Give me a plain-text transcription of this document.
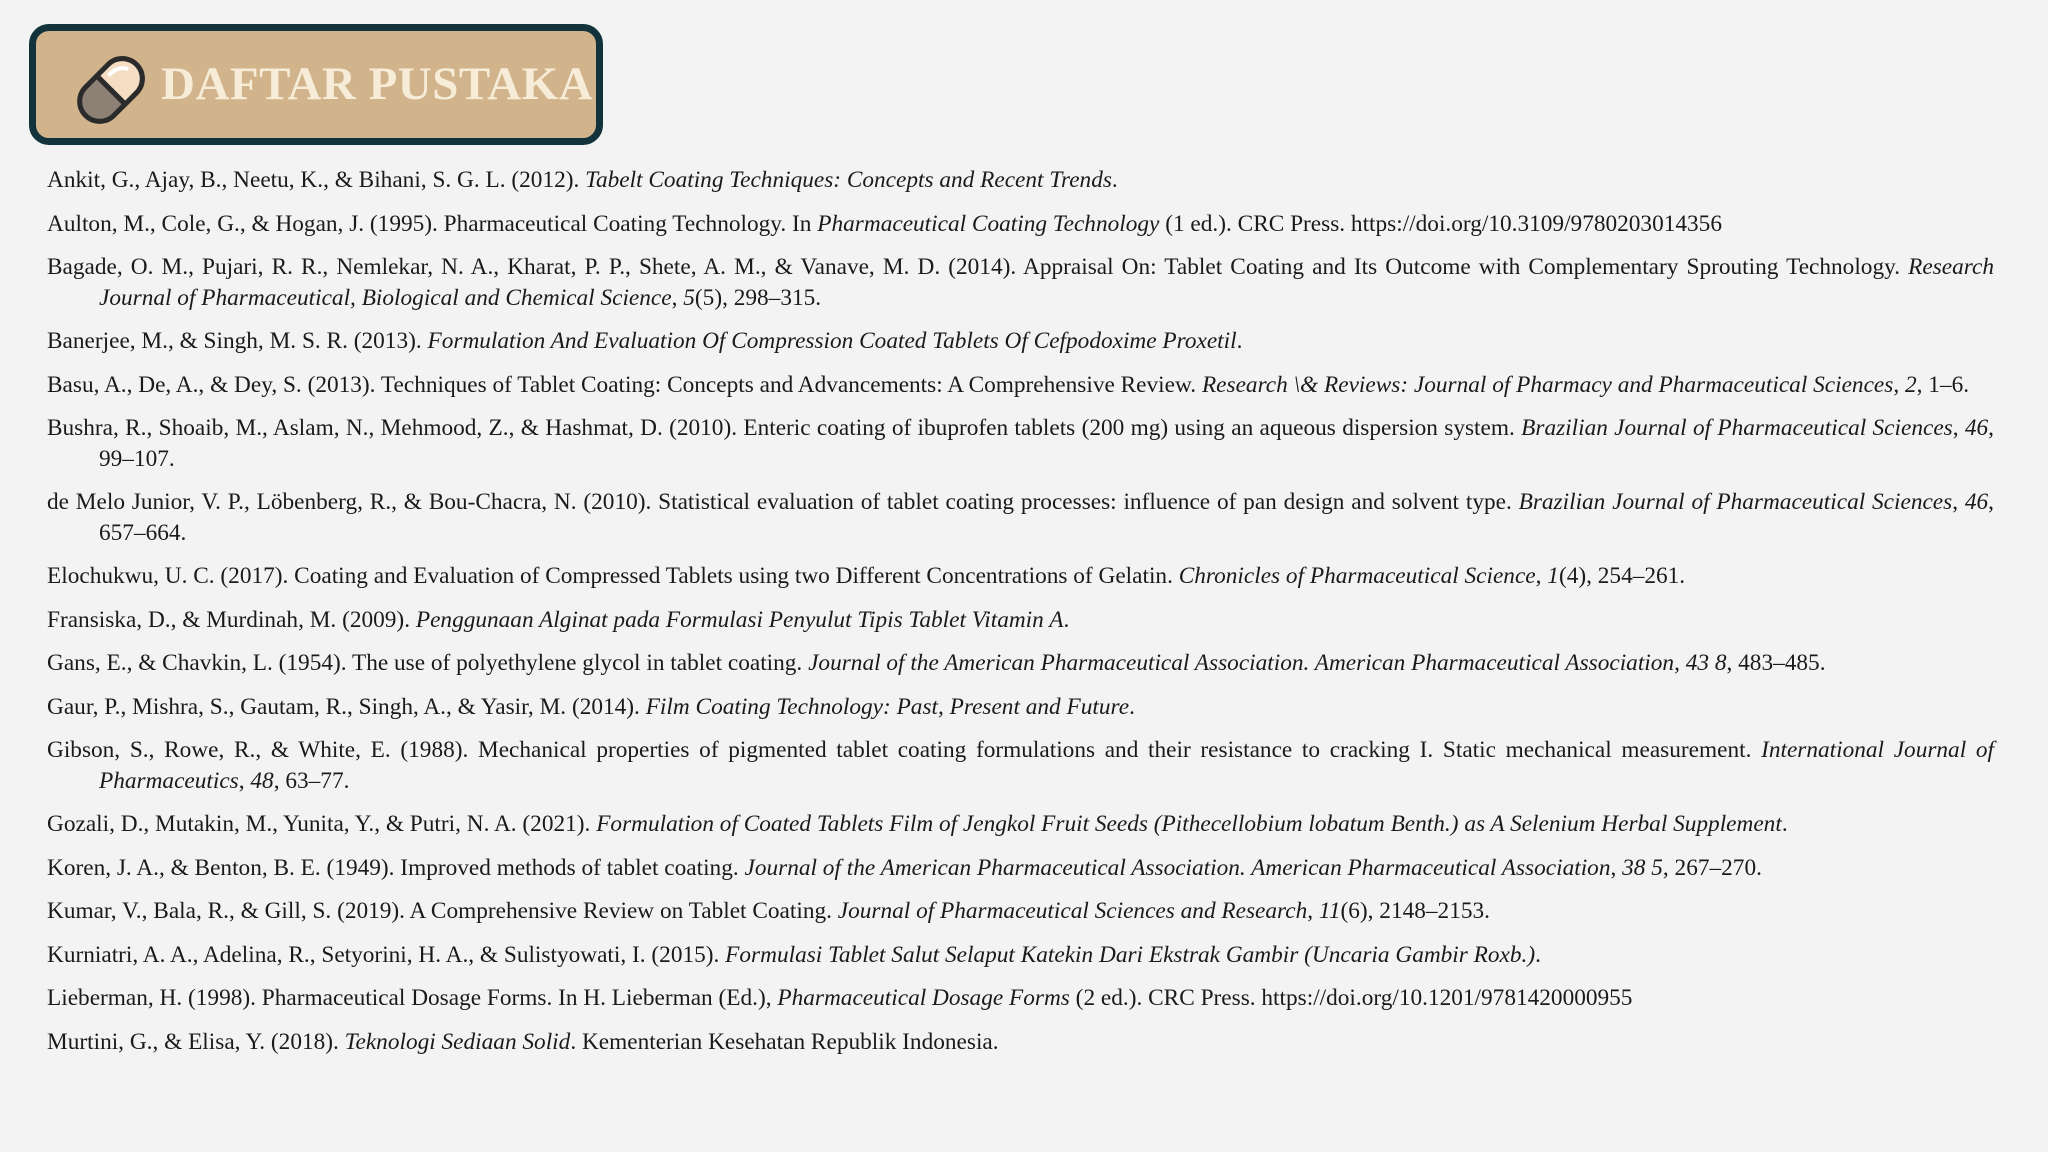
DAFTAR PUSTAKA

Ankit, G., Ajay, B., Neetu, K., & Bihani, S. G. L. (2012). Tabelt Coating Techniques: Concepts and Recent Trends.

Aulton, M., Cole, G., & Hogan, J. (1995). Pharmaceutical Coating Technology. In Pharmaceutical Coating Technology (1 ed.). CRC Press. https://doi.org/10.3109/9780203014356

Bagade, O. M., Pujari, R. R., Nemlekar, N. A., Kharat, P. P., Shete, A. M., & Vanave, M. D. (2014). Appraisal On: Tablet Coating and Its Outcome with Complementary Sprouting Technology. Research Journal of Pharmaceutical, Biological and Chemical Science, 5(5), 298–315.

Banerjee, M., & Singh, M. S. R. (2013). Formulation And Evaluation Of Compression Coated Tablets Of Cefpodoxime Proxetil.

Basu, A., De, A., & Dey, S. (2013). Techniques of Tablet Coating: Concepts and Advancements: A Comprehensive Review. Research \& Reviews: Journal of Pharmacy and Pharmaceutical Sciences, 2, 1–6.

Bushra, R., Shoaib, M., Aslam, N., Mehmood, Z., & Hashmat, D. (2010). Enteric coating of ibuprofen tablets (200 mg) using an aqueous dispersion system. Brazilian Journal of Pharmaceutical Sciences, 46, 99–107.

de Melo Junior, V. P., Löbenberg, R., & Bou-Chacra, N. (2010). Statistical evaluation of tablet coating processes: influence of pan design and solvent type. Brazilian Journal of Pharmaceutical Sciences, 46, 657–664.

Elochukwu, U. C. (2017). Coating and Evaluation of Compressed Tablets using two Different Concentrations of Gelatin. Chronicles of Pharmaceutical Science, 1(4), 254–261.

Fransiska, D., & Murdinah, M. (2009). Penggunaan Alginat pada Formulasi Penyulut Tipis Tablet Vitamin A.

Gans, E., & Chavkin, L. (1954). The use of polyethylene glycol in tablet coating. Journal of the American Pharmaceutical Association. American Pharmaceutical Association, 43 8, 483–485.

Gaur, P., Mishra, S., Gautam, R., Singh, A., & Yasir, M. (2014). Film Coating Technology: Past, Present and Future.

Gibson, S., Rowe, R., & White, E. (1988). Mechanical properties of pigmented tablet coating formulations and their resistance to cracking I. Static mechanical measurement. International Journal of Pharmaceutics, 48, 63–77.

Gozali, D., Mutakin, M., Yunita, Y., & Putri, N. A. (2021). Formulation of Coated Tablets Film of Jengkol Fruit Seeds (Pithecellobium lobatum Benth.) as A Selenium Herbal Supplement.

Koren, J. A., & Benton, B. E. (1949). Improved methods of tablet coating. Journal of the American Pharmaceutical Association. American Pharmaceutical Association, 38 5, 267–270.

Kumar, V., Bala, R., & Gill, S. (2019). A Comprehensive Review on Tablet Coating. Journal of Pharmaceutical Sciences and Research, 11(6), 2148–2153.

Kurniatri, A. A., Adelina, R., Setyorini, H. A., & Sulistyowati, I. (2015). Formulasi Tablet Salut Selaput Katekin Dari Ekstrak Gambir (Uncaria Gambir Roxb.).

Lieberman, H. (1998). Pharmaceutical Dosage Forms. In H. Lieberman (Ed.), Pharmaceutical Dosage Forms (2 ed.). CRC Press. https://doi.org/10.1201/9781420000955

Murtini, G., & Elisa, Y. (2018). Teknologi Sediaan Solid. Kementerian Kesehatan Republik Indonesia.
